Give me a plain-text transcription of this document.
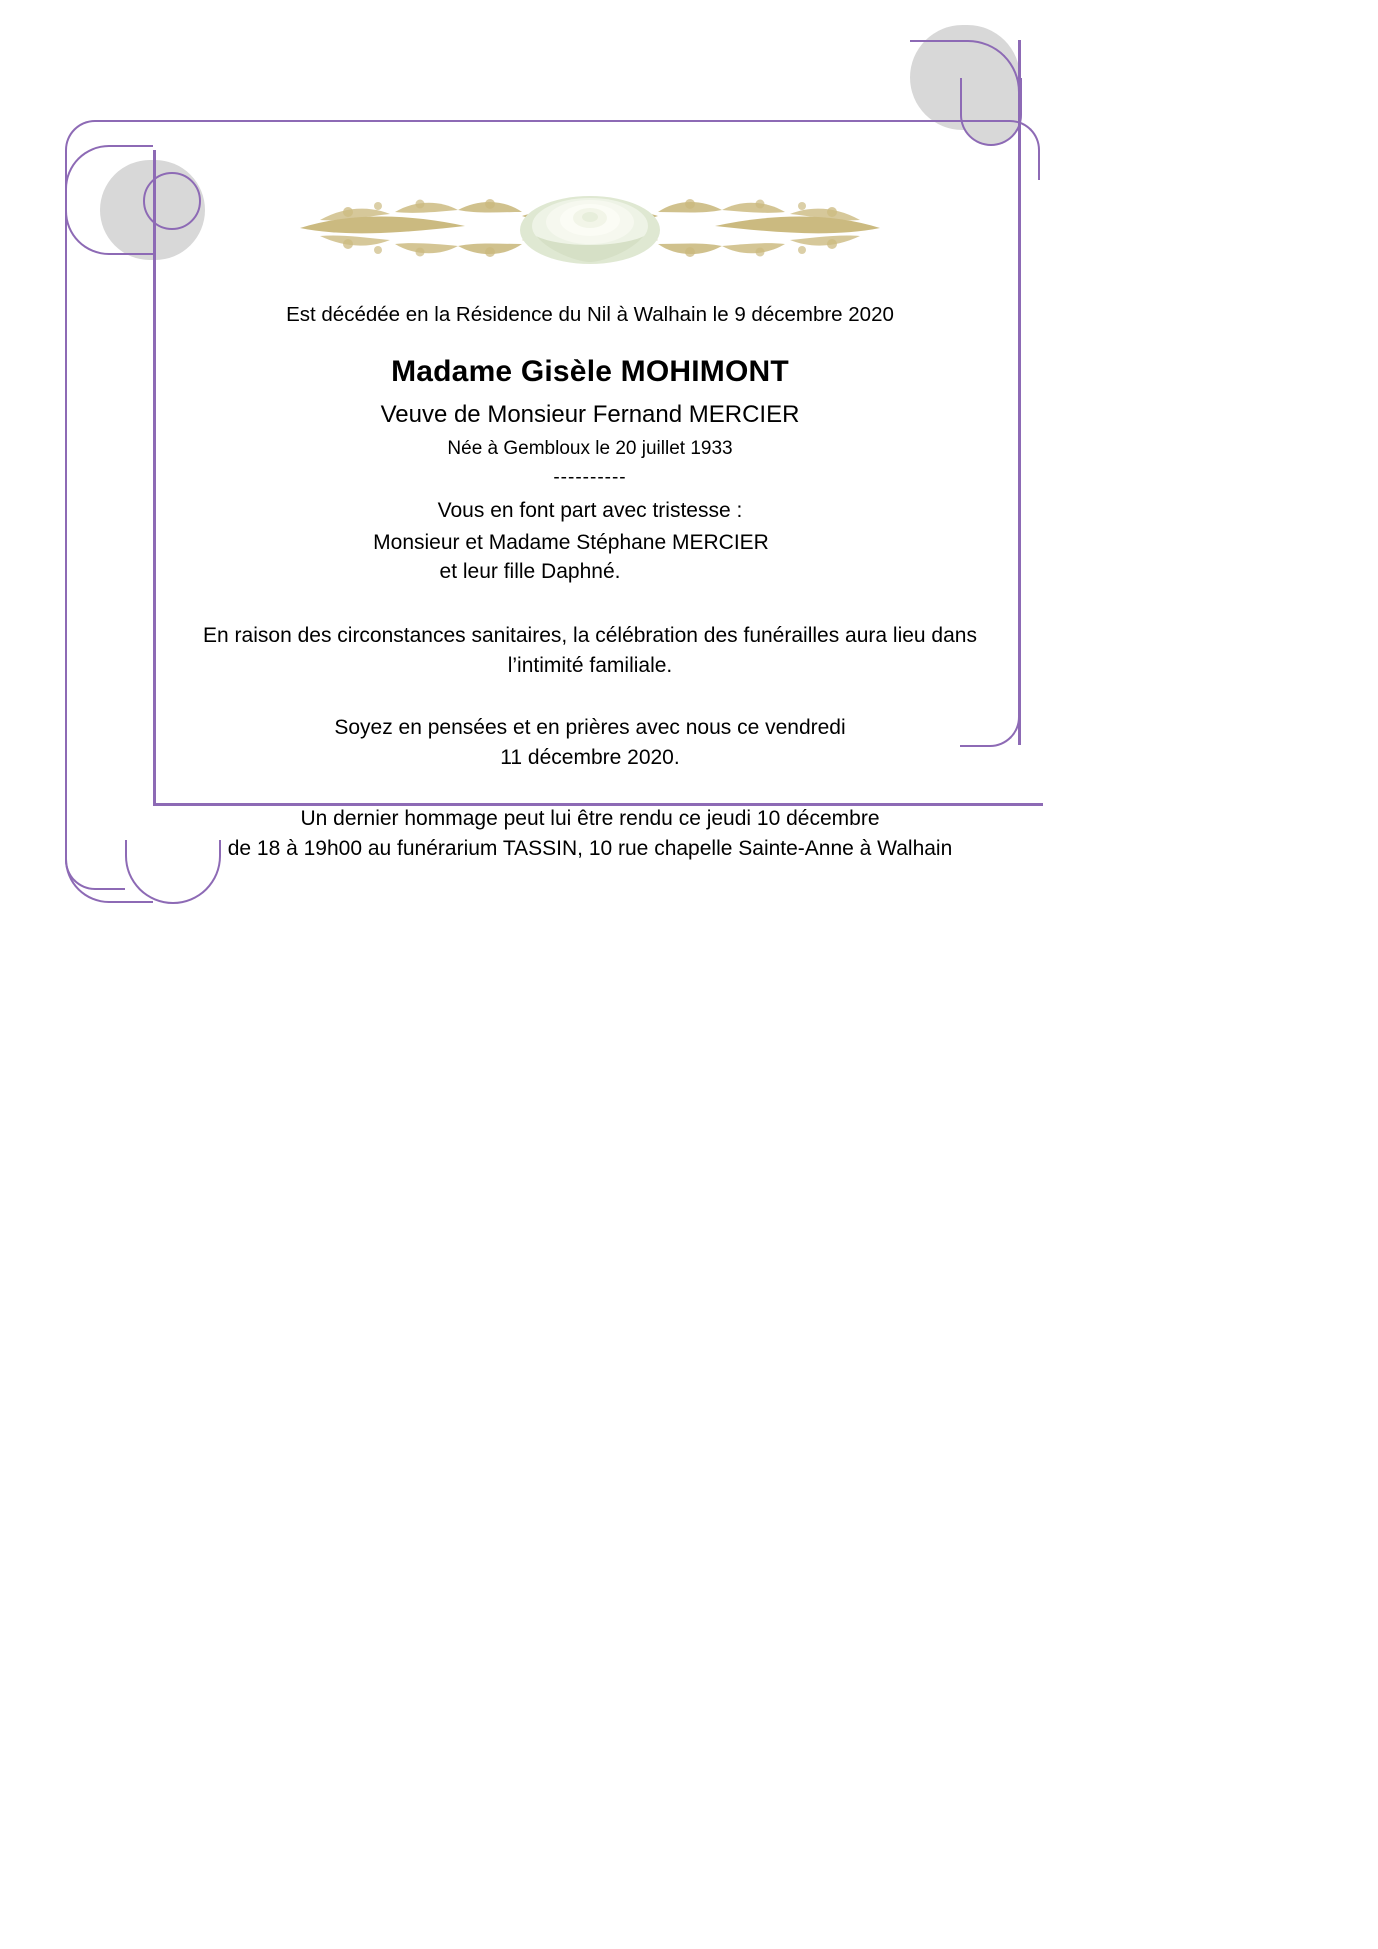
Est décédée en la Résidence du Nil à Walhain le 9 décembre 2020

Madame Gisèle MOHIMONT

Veuve de Monsieur Fernand MERCIER

Née à Gembloux le 20 juillet 1933

----------

Vous en font part avec tristesse :

Monsieur et Madame Stéphane MERCIER

et leur fille Daphné.

En raison des circonstances sanitaires, la célébration des funérailles aura lieu dans
l’intimité familiale.
Soyez en pensées et en prières avec nous ce vendredi
11 décembre 2020.
Un dernier hommage peut lui être rendu ce jeudi 10 décembre
de 18 à 19h00 au funérarium TASSIN, 10 rue chapelle Sainte-Anne à Walhain
